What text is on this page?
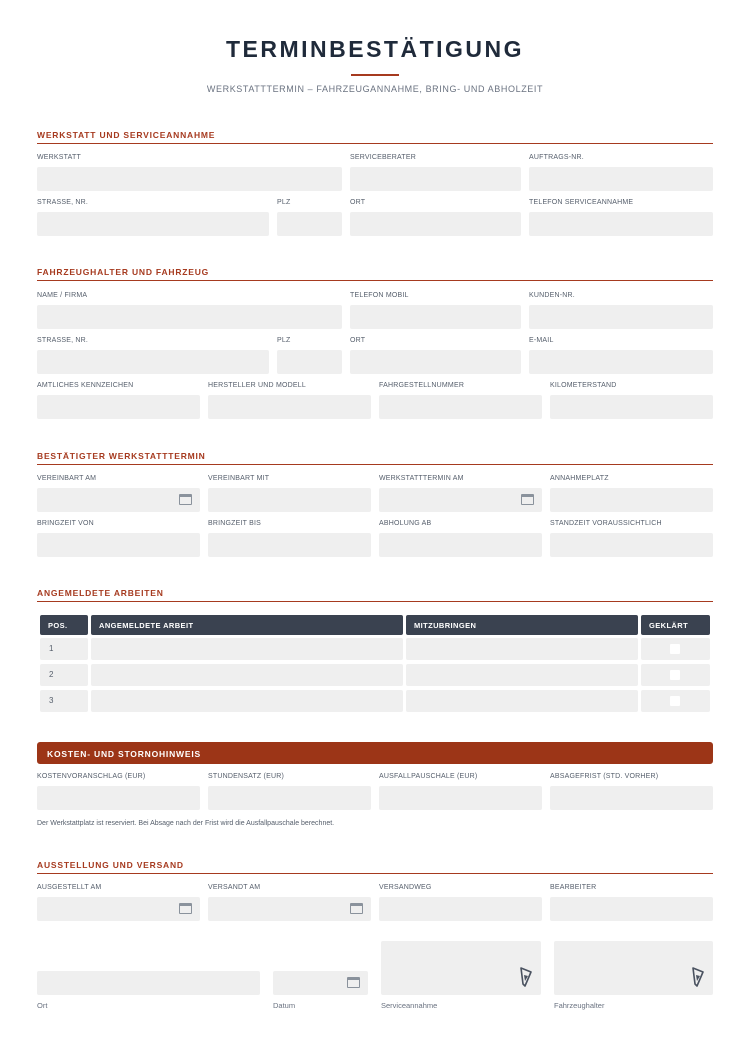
TERMINBESTÄTIGUNG
WERKSTATTTERMIN – FAHRZEUGANNAHME, BRING- UND ABHOLZEIT
WERKSTATT UND SERVICEANNAHME
WERKSTATT	SERVICEBERATER	AUFTRAGS-NR.
STRASSE, NR.	PLZ	ORT	TELEFON SERVICEANNAHME
FAHRZEUGHALTER UND FAHRZEUG
NAME / FIRMA	TELEFON MOBIL	KUNDEN-NR.
STRASSE, NR.	PLZ	ORT	E-MAIL
AMTLICHES KENNZEICHEN	HERSTELLER UND MODELL	FAHRGESTELLNUMMER	KILOMETERSTAND
BESTÄTIGTER WERKSTATTTERMIN
VEREINBART AM	VEREINBART MIT	WERKSTATTTERMIN AM	ANNAHMEPLATZ
BRINGZEIT VON	BRINGZEIT BIS	ABHOLUNG AB	STANDZEIT VORAUSSICHTLICH
ANGEMELDETE ARBEITEN
POS.	ANGEMELDETE ARBEIT	MITZUBRINGEN	GEKLÄRT
1
2
3
KOSTEN- UND STORNOHINWEIS
KOSTENVORANSCHLAG (EUR)	STUNDENSATZ (EUR)	AUSFALLPAUSCHALE (EUR)	ABSAGEFRIST (STD. VORHER)
Der Werkstattplatz ist reserviert. Bei Absage nach der Frist wird die Ausfallpauschale berechnet.
AUSSTELLUNG UND VERSAND
AUSGESTELLT AM	VERSANDT AM	VERSANDWEG	BEARBEITER
Ort	Datum	Serviceannahme	Fahrzeughalter
